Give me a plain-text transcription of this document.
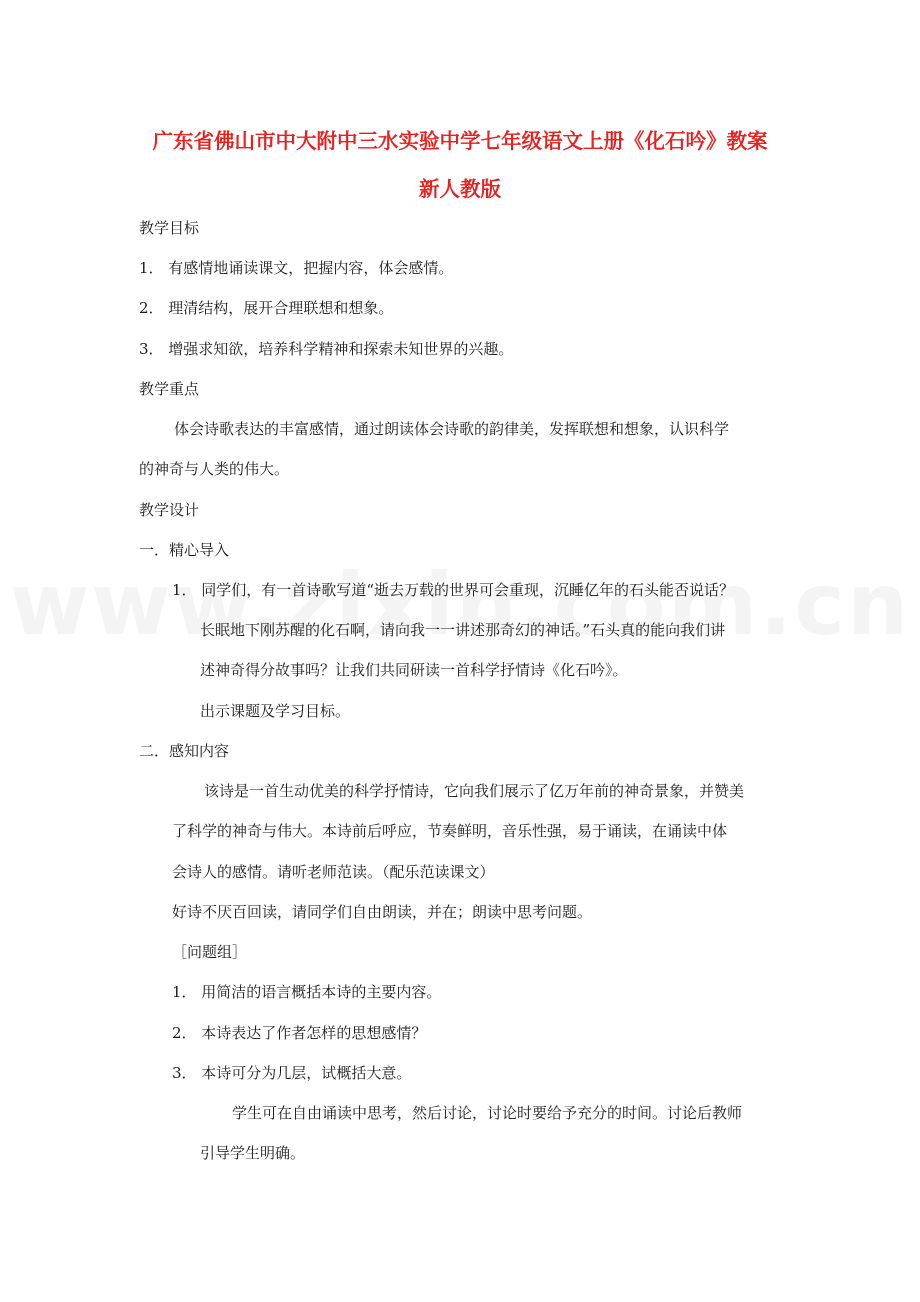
广东省佛山市中大附中三水实验中学七年级语文上册《化石吟》教案
新人教版
教学目标
1． 有感情地诵读课文，把握内容，体会感情。
2． 理清结构，展开合理联想和想象。
3． 增强求知欲，培养科学精神和探索未知世界的兴趣。
教学重点
体会诗歌表达的丰富感情，通过朗读体会诗歌的韵律美，发挥联想和想象，认识科学
的神奇与人类的伟大。
教学设计
一．精心导入
1． 同学们，有一首诗歌写道“逝去万载的世界可会重现，沉睡亿年的石头能否说话？
长眠地下刚苏醒的化石啊，请向我一一讲述那奇幻的神话。”石头真的能向我们讲
述神奇得分故事吗？让我们共同研读一首科学抒情诗《化石吟》。
出示课题及学习目标。
二．感知内容
该诗是一首生动优美的科学抒情诗，它向我们展示了亿万年前的神奇景象，并赞美
了科学的神奇与伟大。本诗前后呼应，节奏鲜明，音乐性强，易于诵读，在诵读中体
会诗人的感情。请听老师范读。（配乐范读课文）
好诗不厌百回读，请同学们自由朗读，并在；朗读中思考问题。
［问题组］
1． 用简洁的语言概括本诗的主要内容。
2． 本诗表达了作者怎样的思想感情？
3． 本诗可分为几层，试概括大意。
学生可在自由诵读中思考，然后讨论，讨论时要给予充分的时间。讨论后教师
引导学生明确。
